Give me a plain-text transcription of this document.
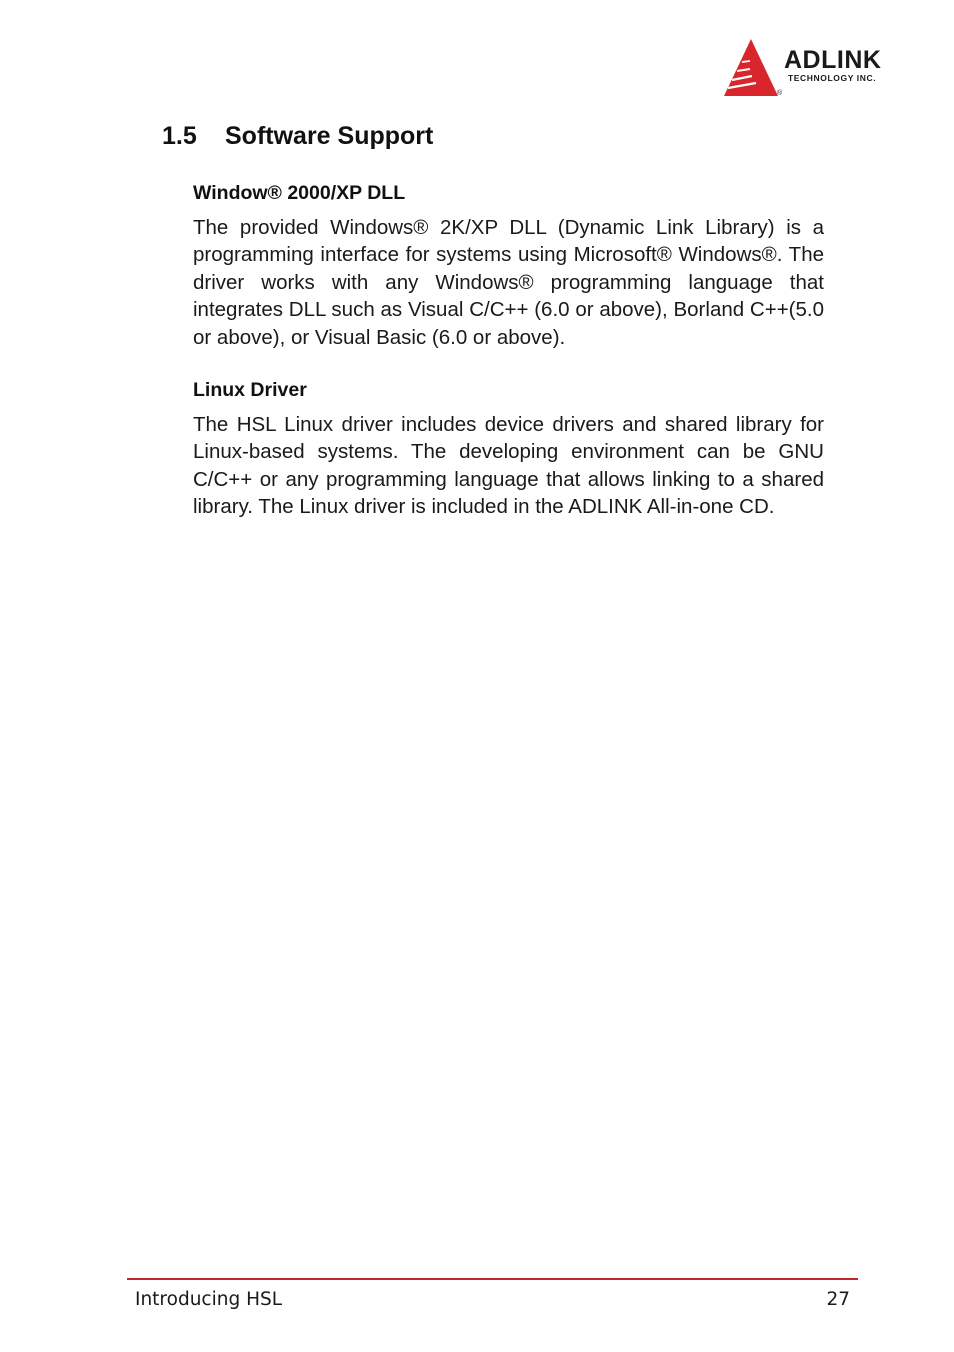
ADLINK
TECHNOLOGY INC.
®
1.5 Software Support
Window® 2000/XP DLL

The provided Windows® 2K/XP DLL (Dynamic Link Library) is a programming interface for systems using Microsoft® Windows®. The driver works with any Windows® programming language that integrates DLL such as Visual C/C++ (6.0 or above), Borland C++(5.0 or above), or Visual Basic (6.0 or above).

Linux Driver

The HSL Linux driver includes device drivers and shared library for Linux-based systems. The developing environment can be GNU C/C++ or any programming language that allows linking to a shared library. The Linux driver is included in the ADLINK All-in-one CD.

Introducing HSL	27
